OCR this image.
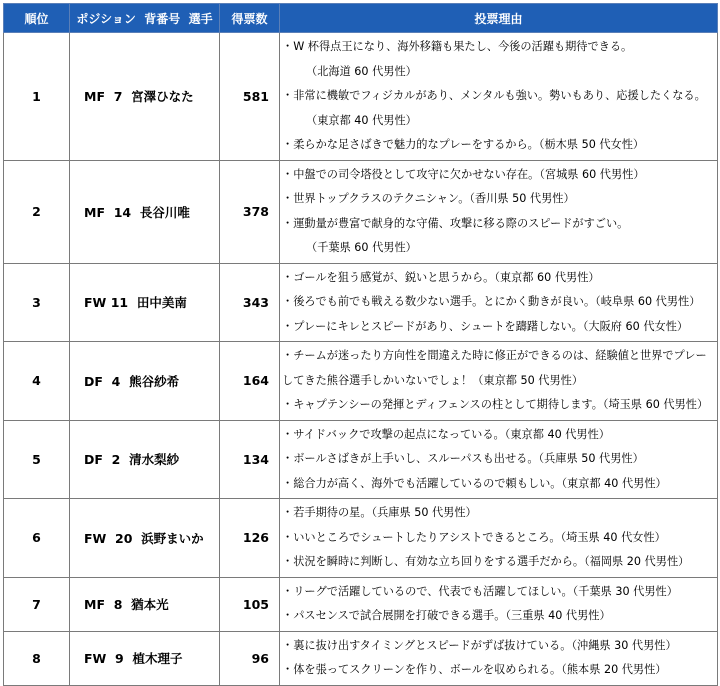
順位	ポジション  背番号  選手	得票数	投票理由
1	MF 7 宮澤ひなた	581	・W 杯得点王になり、海外移籍も果たし、今後の活躍も期待できる。
（北海道 60 代男性）
・非常に機敏でフィジカルがあり、メンタルも強い。勢いもあり、応援したくなる。
（東京都 40 代男性）
・柔らかな足さばきで魅力的なプレーをするから。（栃木県 50 代女性）

2	MF 14 長谷川唯	378	・中盤での司令塔役として攻守に欠かせない存在。（宮城県 60 代男性）
・世界トップクラスのテクニシャン。（香川県 50 代男性）
・運動量が豊富で献身的な守備、攻撃に移る際のスピードがすごい。
（千葉県 60 代男性）

3	FW 11 田中美南	343	・ゴールを狙う感覚が、鋭いと思うから。（東京都 60 代男性）
・後ろでも前でも戦える数少ない選手。とにかく動きが良い。（岐阜県 60 代男性）
・プレーにキレとスピードがあり、シュートを躊躇しない。（大阪府 60 代女性）

4	DF 4 熊谷紗希	164	・チームが迷ったり方向性を間違えた時に修正ができるのは、経験値と世界でプレーしてきた熊谷選手しかいないでしょ！（東京都 50 代男性）
・キャプテンシーの発揮とディフェンスの柱として期待します。（埼玉県 60 代男性）

5	DF 2 清水梨紗	134	・サイドバックで攻撃の起点になっている。（東京都 40 代男性）
・ボールさばきが上手いし、スルーパスも出せる。（兵庫県 50 代男性）
・総合力が高く、海外でも活躍しているので頼もしい。（東京都 40 代男性）

6	FW 20 浜野まいか	126	・若手期待の星。（兵庫県 50 代男性）
・いいところでシュートしたりアシストできるところ。（埼玉県 40 代女性）
・状況を瞬時に判断し、有効な立ち回りをする選手だから。（福岡県 20 代男性）

7	MF 8 猶本光	105	・リーグで活躍しているので、代表でも活躍してほしい。（千葉県 30 代男性）
・パスセンスで試合展開を打破できる選手。（三重県 40 代男性）

8	FW 9 植木理子	96	・裏に抜け出すタイミングとスピードがずば抜けている。（沖縄県 30 代男性）
・体を張ってスクリーンを作り、ボールを収められる。（熊本県 20 代男性）
